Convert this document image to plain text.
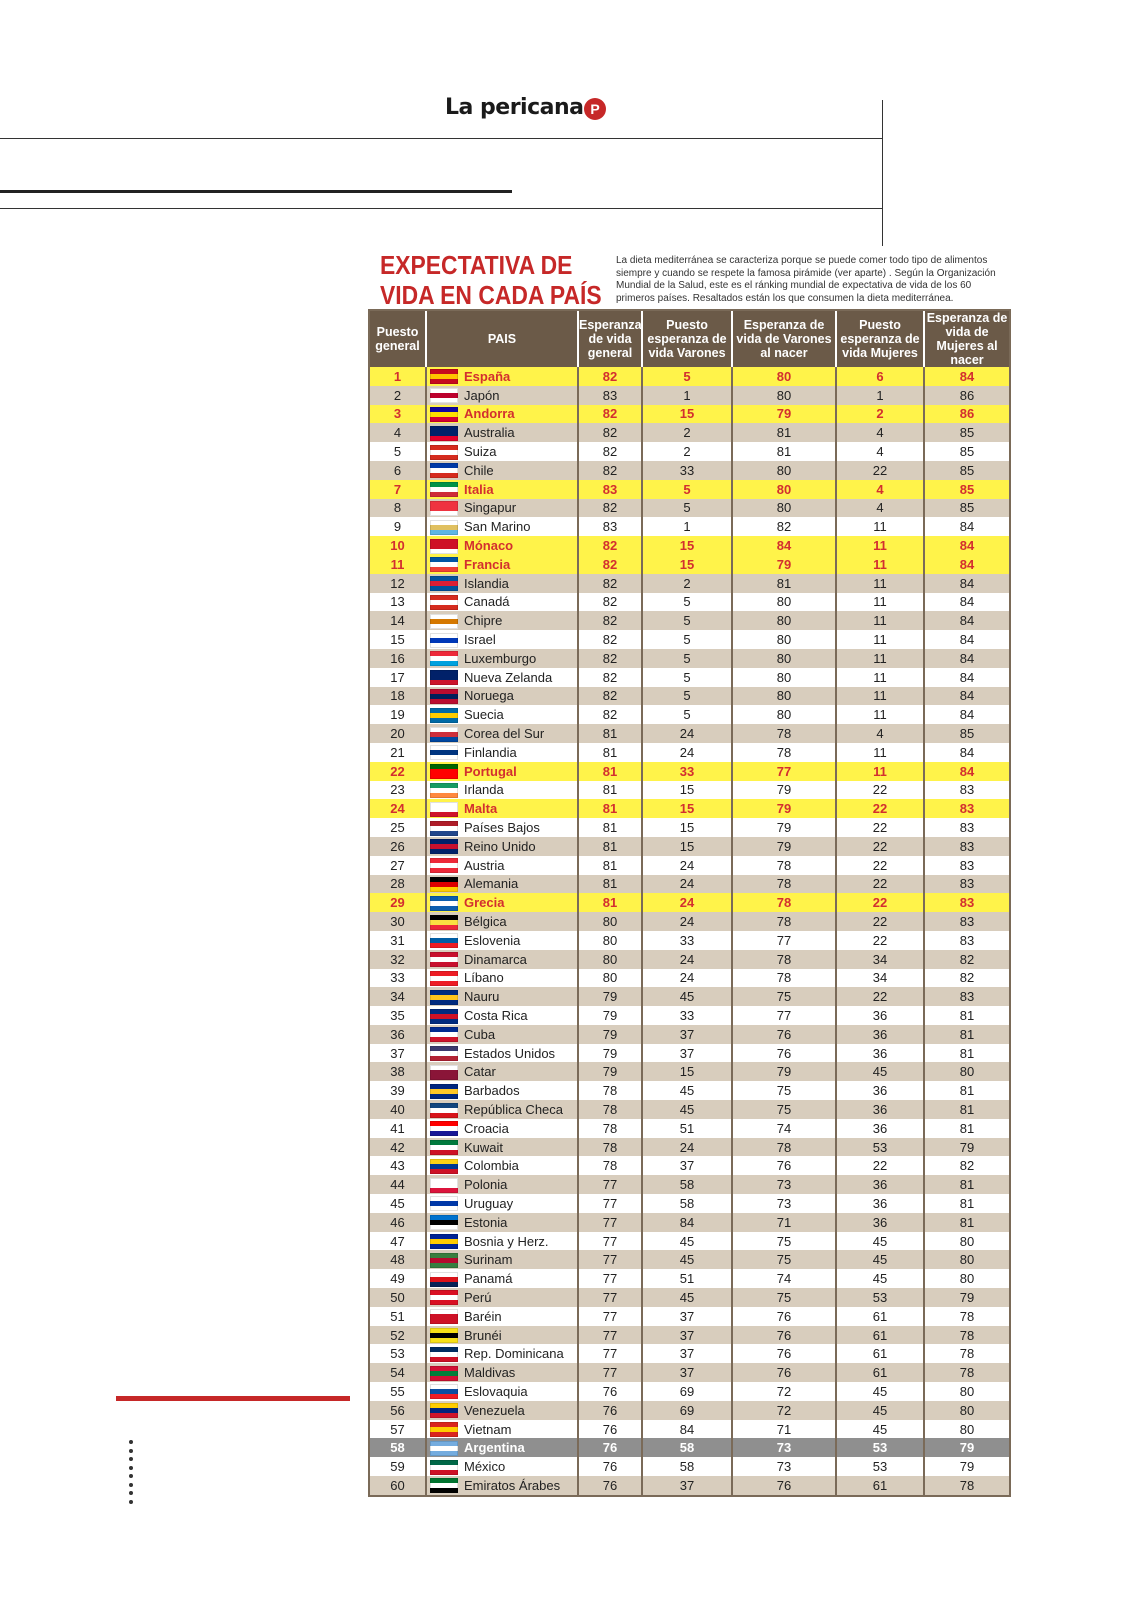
La pericana P
EXPECTATIVA DE
VIDA EN CADA PAÍS
La dieta mediterránea se caracteriza porque se puede comer todo tipo de alimentos siempre y cuando se respete la famosa pirámide (ver aparte) . Según la Organización Mundial de la Salud, este es el ránking mundial de expectativa de vida de los 60 primeros países. Resaltados están los que consumen la dieta mediterránea.
Puesto general	PAIS		Esperanza de vida general	Puesto esperanza de vida Varones	Esperanza de vida de Varones al nacer	Puesto esperanza de vida Mujeres	Esperanza de vida de Mujeres al nacer
1		España	82	5	80	6	84
2		Japón	83	1	80	1	86
3		Andorra	82	15	79	2	86
4		Australia	82	2	81	4	85
5		Suiza	82	2	81	4	85
6		Chile	82	33	80	22	85
7		Italia	83	5	80	4	85
8		Singapur	82	5	80	4	85
9		San Marino	83	1	82	11	84
10		Mónaco	82	15	84	11	84
11		Francia	82	15	79	11	84
12		Islandia	82	2	81	11	84
13		Canadá	82	5	80	11	84
14		Chipre	82	5	80	11	84
15		Israel	82	5	80	11	84
16		Luxemburgo	82	5	80	11	84
17		Nueva Zelanda	82	5	80	11	84
18		Noruega	82	5	80	11	84
19		Suecia	82	5	80	11	84
20		Corea del Sur	81	24	78	4	85
21		Finlandia	81	24	78	11	84
22		Portugal	81	33	77	11	84
23		Irlanda	81	15	79	22	83
24		Malta	81	15	79	22	83
25		Países Bajos	81	15	79	22	83
26		Reino Unido	81	15	79	22	83
27		Austria	81	24	78	22	83
28		Alemania	81	24	78	22	83
29		Grecia	81	24	78	22	83
30		Bélgica	80	24	78	22	83
31		Eslovenia	80	33	77	22	83
32		Dinamarca	80	24	78	34	82
33		Líbano	80	24	78	34	82
34		Nauru	79	45	75	22	83
35		Costa Rica	79	33	77	36	81
36		Cuba	79	37	76	36	81
37		Estados Unidos	79	37	76	36	81
38		Catar	79	15	79	45	80
39		Barbados	78	45	75	36	81
40		República Checa	78	45	75	36	81
41		Croacia	78	51	74	36	81
42		Kuwait	78	24	78	53	79
43		Colombia	78	37	76	22	82
44		Polonia	77	58	73	36	81
45		Uruguay	77	58	73	36	81
46		Estonia	77	84	71	36	81
47		Bosnia y Herz.	77	45	75	45	80
48		Surinam	77	45	75	45	80
49		Panamá	77	51	74	45	80
50		Perú	77	45	75	53	79
51		Baréin	77	37	76	61	78
52		Brunéi	77	37	76	61	78
53		Rep. Dominicana	77	37	76	61	78
54		Maldivas	77	37	76	61	78
55		Eslovaquia	76	69	72	45	80
56		Venezuela	76	69	72	45	80
57		Vietnam	76	84	71	45	80
58		Argentina	76	58	73	53	79
59		México	76	58	73	53	79
60		Emiratos Árabes	76	37	76	61	78
